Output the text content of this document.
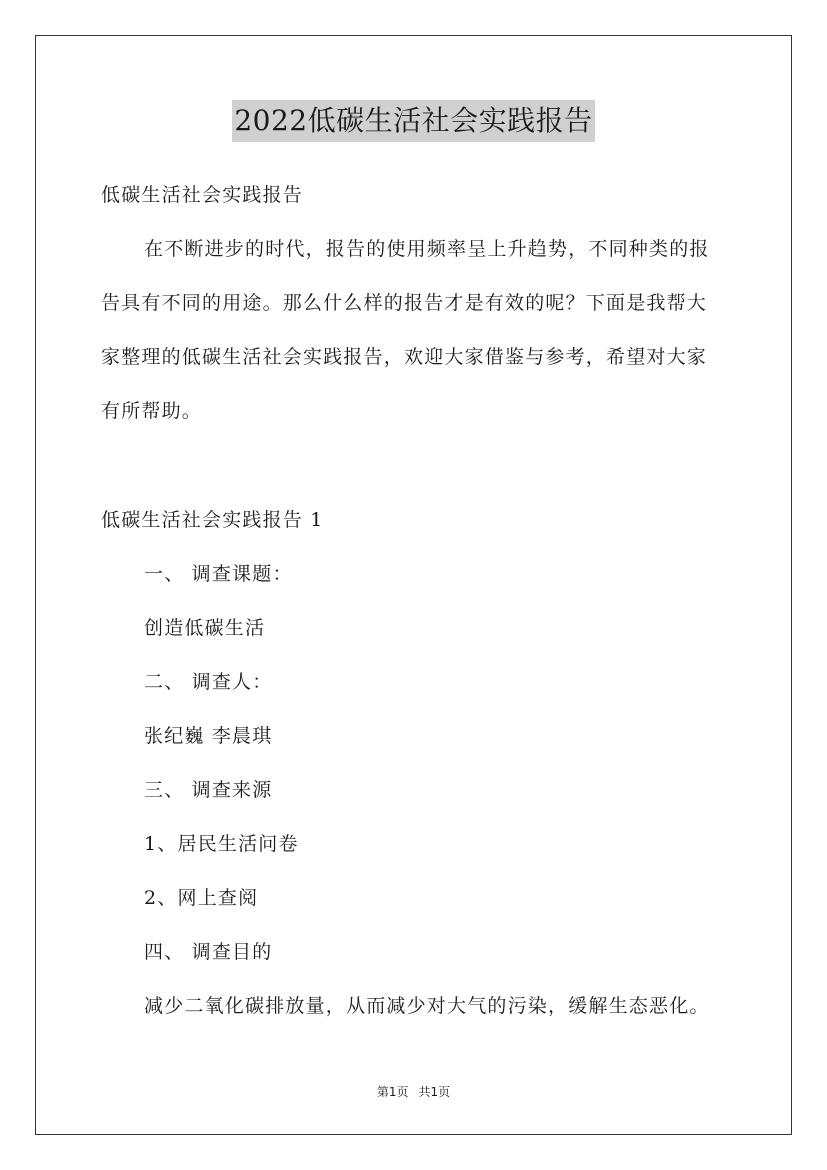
2022低碳生活社会实践报告
低碳生活社会实践报告
在不断进步的时代，报告的使用频率呈上升趋势，不同种类的报
告具有不同的用途。那么什么样的报告才是有效的呢？下面是我帮大
家整理的低碳生活社会实践报告，欢迎大家借鉴与参考，希望对大家
有所帮助。
低碳生活社会实践报告 1
一、 调查课题：
创造低碳生活
二、 调查人：
张纪巍 李晨琪
三、 调查来源
1、居民生活问卷
2、网上查阅
四、 调查目的
减少二氧化碳排放量，从而减少对大气的污染，缓解生态恶化。
第1页 共1页
